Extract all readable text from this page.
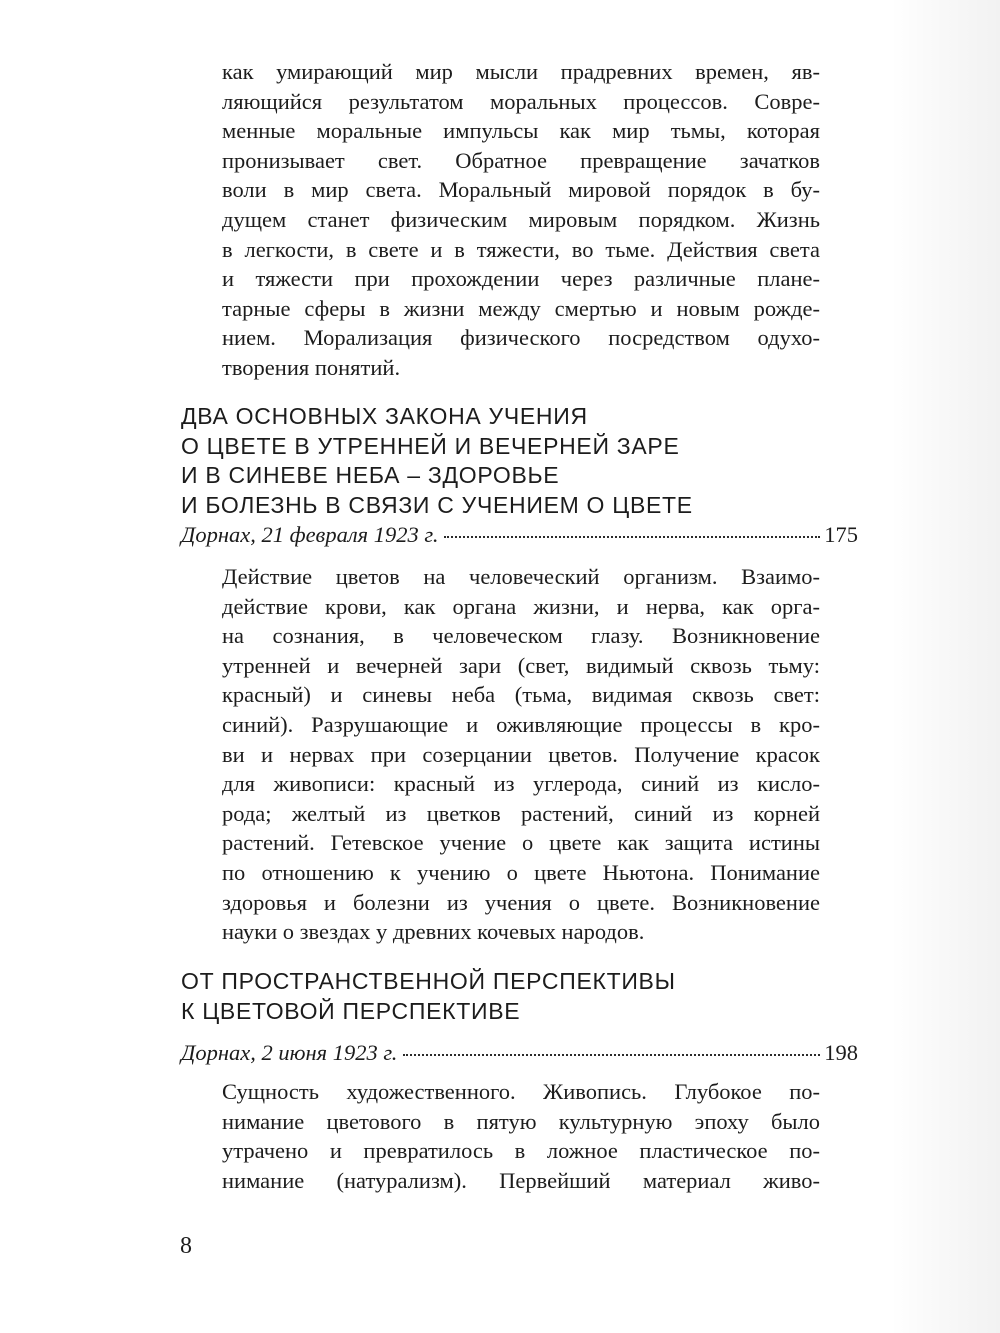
как умирающий мир мысли прадревних времен, яв-
ляющийся результатом моральных процессов. Совре-
менные моральные импульсы как мир тьмы, которая
пронизывает свет. Обратное превращение зачатков
воли в мир света. Моральный мировой порядок в бу-
дущем станет физическим мировым порядком. Жизнь
в легкости, в свете и в тяжести, во тьме. Действия света
и тяжести при прохождении через различные плане-
тарные сферы в жизни между смертью и новым рожде-
нием. Морализация физического посредством одухо-
творения понятий.
ДВА ОСНОВНЫХ ЗАКОНА УЧЕНИЯ
О ЦВЕТЕ В УТРЕННЕЙ И ВЕЧЕРНЕЙ ЗАРЕ
И В СИНЕВЕ НЕБА – ЗДОРОВЬЕ
И БОЛЕЗНЬ В СВЯЗИ С УЧЕНИЕМ О ЦВЕТЕ
Дорнах, 21 февраля 1923 г.	175
Действие цветов на человеческий организм. Взаимо-
действие крови, как органа жизни, и нерва, как орга-
на сознания, в человеческом глазу. Возникновение
утренней и вечерней зари (свет, видимый сквозь тьму:
красный) и синевы неба (тьма, видимая сквозь свет:
синий). Разрушающие и оживляющие процессы в кро-
ви и нервах при созерцании цветов. Получение красок
для живописи: красный из углерода, синий из кисло-
рода; желтый из цветков растений, синий из корней
растений. Гетевское учение о цвете как защита истины
по отношению к учению о цвете Ньютона. Понимание
здоровья и болезни из учения о цвете. Возникновение
науки о звездах у древних кочевых народов.
ОТ ПРОСТРАНСТВЕННОЙ ПЕРСПЕКТИВЫ
К ЦВЕТОВОЙ ПЕРСПЕКТИВЕ
Дорнах, 2 июня 1923 г.	198
Сущность художественного. Живопись. Глубокое по-
нимание цветового в пятую культурную эпоху было
утрачено и превратилось в ложное пластическое по-
нимание (натурализм). Первейший материал живо-
8
